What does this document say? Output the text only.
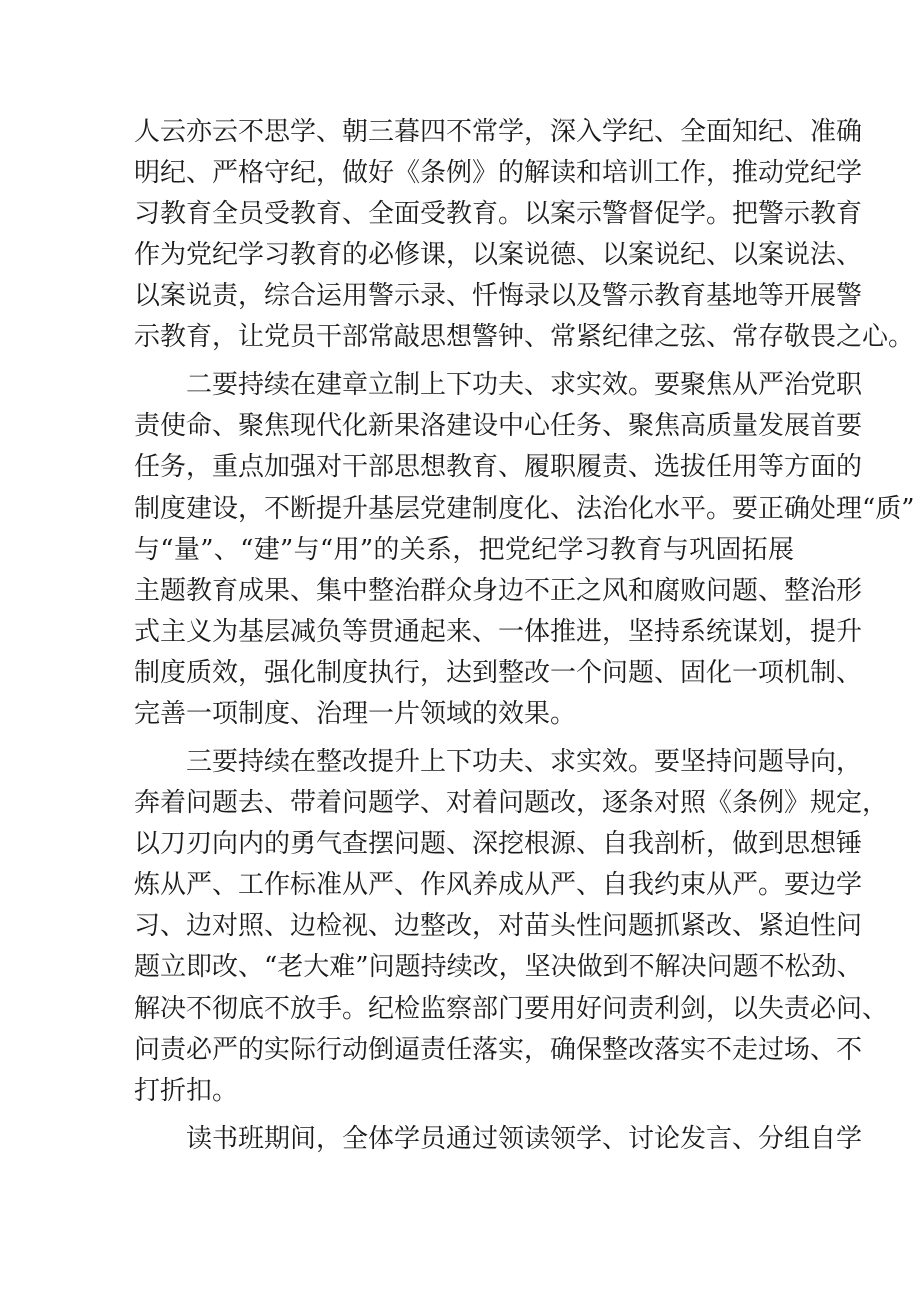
人云亦云不思学、朝三暮四不常学，深入学纪、全面知纪、准确
明纪、严格守纪，做好《条例》的解读和培训工作，推动党纪学
习教育全员受教育、全面受教育。以案示警督促学。把警示教育
作为党纪学习教育的必修课，以案说德、以案说纪、以案说法、
以案说责，综合运用警示录、忏悔录以及警示教育基地等开展警
示教育，让党员干部常敲思想警钟、常紧纪律之弦、常存敬畏之心。
二要持续在建章立制上下功夫、求实效。要聚焦从严治党职
责使命、聚焦现代化新果洛建设中心任务、聚焦高质量发展首要
任务，重点加强对干部思想教育、履职履责、选拔任用等方面的
制度建设，不断提升基层党建制度化、法治化水平。要正确处理“质”
与“量”、“建”与“用”的关系，把党纪学习教育与巩固拓展
主题教育成果、集中整治群众身边不正之风和腐败问题、整治形
式主义为基层减负等贯通起来、一体推进，坚持系统谋划，提升
制度质效，强化制度执行，达到整改一个问题、固化一项机制、
完善一项制度、治理一片领域的效果。
三要持续在整改提升上下功夫、求实效。要坚持问题导向，
奔着问题去、带着问题学、对着问题改，逐条对照《条例》规定，
以刀刃向内的勇气查摆问题、深挖根源、自我剖析，做到思想锤
炼从严、工作标准从严、作风养成从严、自我约束从严。要边学
习、边对照、边检视、边整改，对苗头性问题抓紧改、紧迫性问
题立即改、“老大难”问题持续改，坚决做到不解决问题不松劲、
解决不彻底不放手。纪检监察部门要用好问责利剑，以失责必问、
问责必严的实际行动倒逼责任落实，确保整改落实不走过场、不
打折扣。
读书班期间，全体学员通过领读领学、讨论发言、分组自学
